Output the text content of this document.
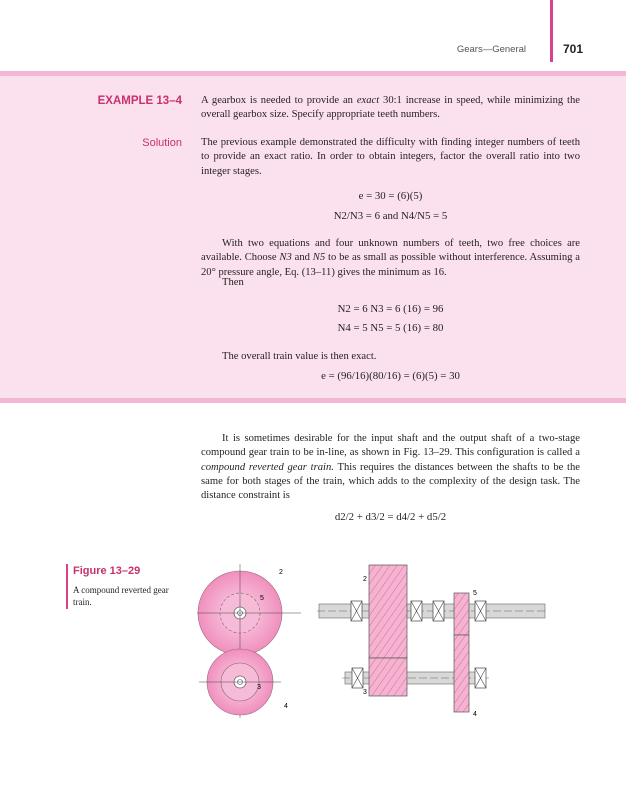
Gears—General	701
EXAMPLE 13–4 A gearbox is needed to provide an exact 30:1 increase in speed, while minimizing the overall gearbox size. Specify appropriate teeth numbers.
Solution The previous example demonstrated the difficulty with finding integer numbers of teeth to provide an exact ratio. In order to obtain integers, factor the overall ratio into two integer stages.
e = 30 = (6)(5)
N2/N3 = 6 and N4/N5 = 5
With two equations and four unknown numbers of teeth, two free choices are available. Choose N3 and N5 to be as small as possible without interference. Assuming a 20° pressure angle, Eq. (13–11) gives the minimum as 16.
Then
N2 = 6 N3 = 6 (16) = 96
N4 = 5 N5 = 5 (16) = 80
The overall train value is then exact.
e = (96/16)(80/16) = (6)(5) = 30
It is sometimes desirable for the input shaft and the output shaft of a two-stage compound gear train to be in-line, as shown in Fig. 13–29. This configuration is called a compound reverted gear train. This requires the distances between the shafts to be the same for both stages of the train, which adds to the complexity of the design task. The distance constraint is
d2/2 + d3/2 = d4/2 + d5/2
Figure 13–29
A compound reverted gear train.
2
5
3
4
2
3
5
4
